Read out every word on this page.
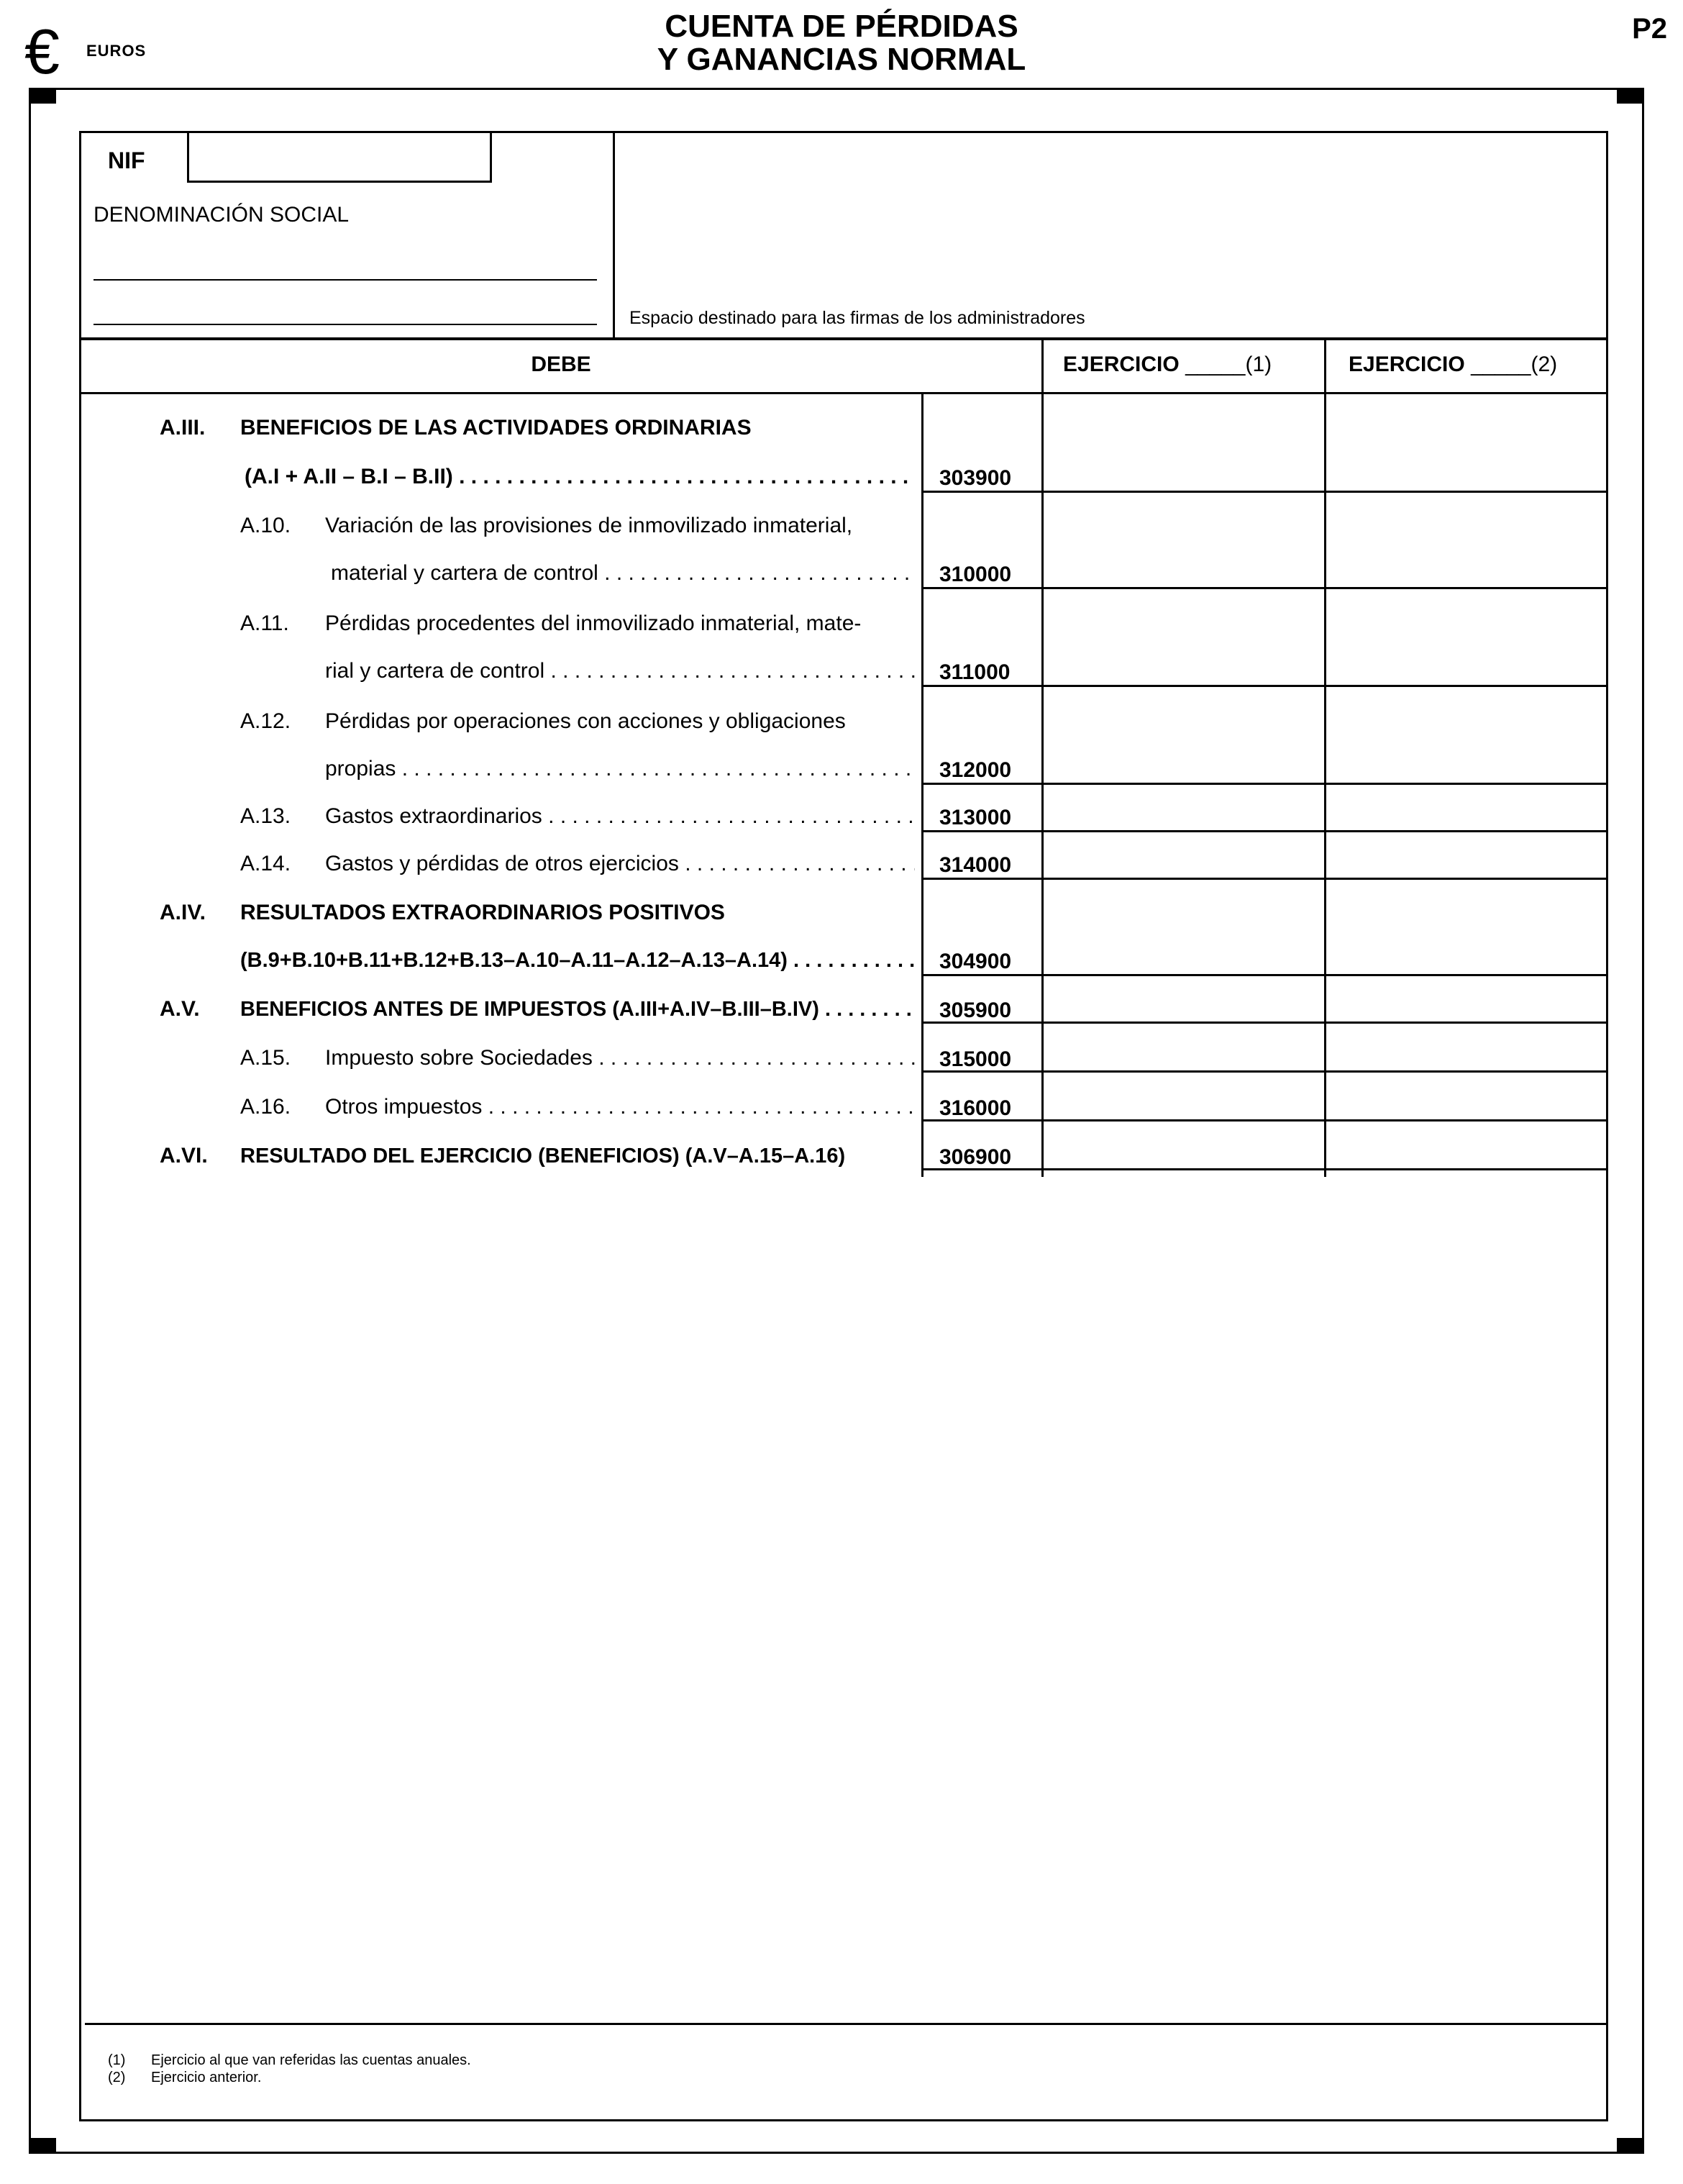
€ EUROS
CUENTA DE PÉRDIDAS
Y GANANCIAS NORMAL
P2
NIF
DENOMINACIÓN SOCIAL
Espacio destinado para las firmas de los administradores
DEBE	EJERCICIO _____(1)	EJERCICIO _____(2)
A.III. BENEFICIOS DE LAS ACTIVIDADES ORDINARIAS
(A.I + A.II – B.I – B.II) . . .	303900
A.10. Variación de las provisiones de inmovilizado inmaterial,
material y cartera de control . . .	310000
A.11. Pérdidas procedentes del inmovilizado inmaterial, mate-
rial y cartera de control . . .	311000
A.12. Pérdidas por operaciones con acciones y obligaciones
propias . . .	312000
A.13. Gastos extraordinarios . . .	313000
A.14. Gastos y pérdidas de otros ejercicios . . .	314000
A.IV. RESULTADOS EXTRAORDINARIOS POSITIVOS
(B.9+B.10+B.11+B.12+B.13–A.10–A.11–A.12–A.13–A.14) . . .	304900
A.V. BENEFICIOS ANTES DE IMPUESTOS (A.III+A.IV–B.III–B.IV) . . .	305900
A.15. Impuesto sobre Sociedades . . .	315000
A.16. Otros impuestos . . .	316000
A.VI. RESULTADO DEL EJERCICIO (BENEFICIOS) (A.V–A.15–A.16)	306900
(1) Ejercicio al que van referidas las cuentas anuales.
(2) Ejercicio anterior.
